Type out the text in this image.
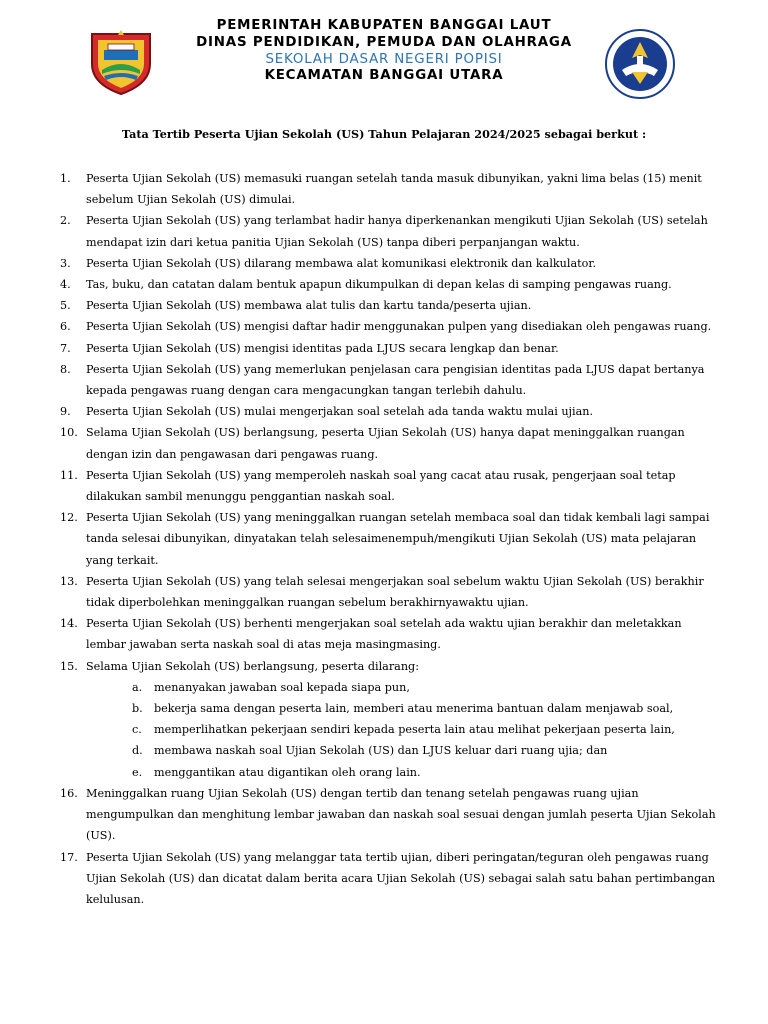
PEMERINTAH KABUPATEN BANGGAI LAUT
DINAS PENDIDIKAN, PEMUDA DAN OLAHRAGA
SEKOLAH DASAR NEGERI POPISI
KECAMATAN BANGGAI UTARA
Tata Tertib Peserta Ujian Sekolah (US) Tahun Pelajaran 2024/2025 sebagai berkut :
1.	Peserta Ujian Sekolah (US) memasuki ruangan setelah tanda masuk dibunyikan, yakni lima belas (15) menit sebelum Ujian Sekolah (US) dimulai.
2.	Peserta Ujian Sekolah (US) yang terlambat hadir hanya diperkenankan mengikuti Ujian Sekolah (US) setelah mendapat izin dari ketua panitia Ujian Sekolah (US) tanpa diberi perpanjangan waktu.
3.	Peserta Ujian Sekolah (US) dilarang membawa alat komunikasi elektronik dan kalkulator.
4.	Tas, buku, dan catatan dalam bentuk apapun dikumpulkan di depan kelas di samping pengawas ruang.
5.	Peserta Ujian Sekolah (US) membawa alat tulis dan kartu tanda/peserta ujian.
6.	Peserta Ujian Sekolah (US) mengisi daftar hadir menggunakan pulpen yang disediakan oleh pengawas ruang.
7.	Peserta Ujian Sekolah (US) mengisi identitas pada LJUS secara lengkap dan benar.
8.	Peserta Ujian Sekolah (US) yang memerlukan penjelasan cara pengisian identitas pada LJUS dapat bertanya kepada pengawas ruang dengan cara mengacungkan tangan terlebih dahulu.
9.	Peserta Ujian Sekolah (US) mulai mengerjakan soal setelah ada tanda waktu mulai ujian.
10. Selama Ujian Sekolah (US) berlangsung, peserta Ujian Sekolah (US) hanya dapat meninggalkan ruangan dengan izin dan pengawasan dari pengawas ruang.
11. Peserta Ujian Sekolah (US) yang memperoleh naskah soal yang cacat atau rusak, pengerjaan soal tetap dilakukan sambil menunggu penggantian naskah soal.
12. Peserta Ujian Sekolah (US) yang meninggalkan ruangan setelah membaca soal dan tidak kembali lagi sampai tanda selesai dibunyikan, dinyatakan telah selesaimenempuh/mengikuti Ujian Sekolah (US) mata pelajaran yang terkait.
13. Peserta Ujian Sekolah (US) yang telah selesai mengerjakan soal sebelum waktu Ujian Sekolah (US) berakhir tidak diperbolehkan meninggalkan ruangan sebelum berakhirnyawaktu ujian.
14. Peserta Ujian Sekolah (US) berhenti mengerjakan soal setelah ada waktu ujian berakhir dan meletakkan lembar jawaban serta naskah soal di atas meja masingmasing.
15. Selama Ujian Sekolah (US) berlangsung, peserta dilarang:
a. menanyakan jawaban soal kepada siapa pun,
b. bekerja sama dengan peserta lain, memberi atau menerima bantuan dalam menjawab soal,
c. memperlihatkan pekerjaan sendiri kepada peserta lain atau melihat pekerjaan peserta lain,
d. membawa naskah soal Ujian Sekolah (US) dan LJUS keluar dari ruang ujia; dan
e. menggantikan atau digantikan oleh orang lain.
16. Meninggalkan ruang Ujian Sekolah (US) dengan tertib dan tenang setelah pengawas ruang ujian mengumpulkan dan menghitung lembar jawaban dan naskah soal sesuai dengan jumlah peserta Ujian Sekolah (US).
17. Peserta Ujian Sekolah (US) yang melanggar tata tertib ujian, diberi peringatan/teguran oleh pengawas ruang Ujian Sekolah (US) dan dicatat dalam berita acara Ujian Sekolah (US) sebagai salah satu bahan pertimbangan kelulusan.
